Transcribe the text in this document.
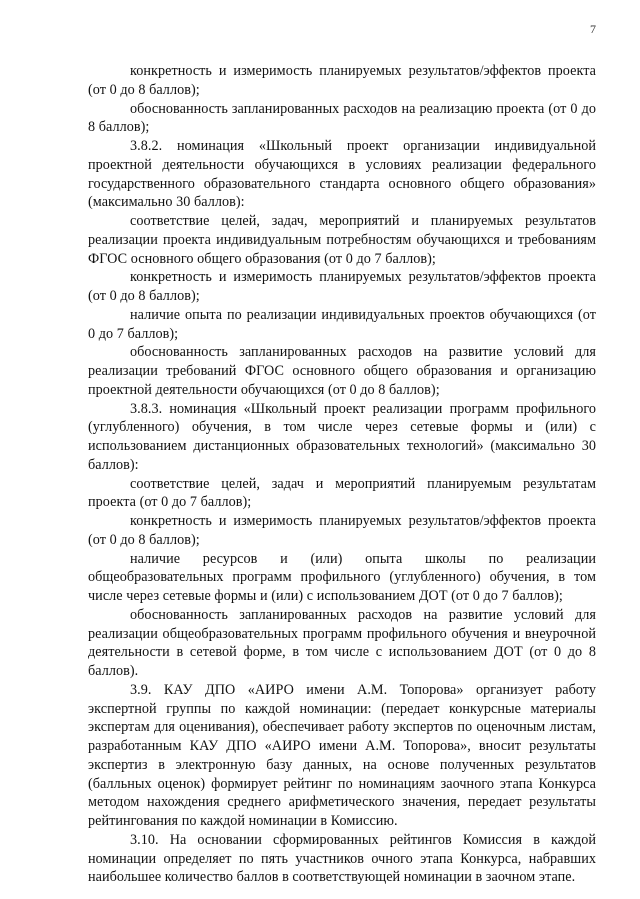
7

конкретность и измеримость планируемых результатов/эффектов проекта (от 0 до 8 баллов);

обоснованность запланированных расходов на реализацию проекта (от 0 до 8 баллов);

3.8.2. номинация «Школьный проект организации индивидуальной проектной деятельности обучающихся в условиях реализации федерального государственного образовательного стандарта основного общего образования» (максимально 30 баллов):

соответствие целей, задач, мероприятий и планируемых результатов реализации проекта индивидуальным потребностям обучающихся и требованиям ФГОС основного общего образования (от 0 до 7 баллов);

конкретность и измеримость планируемых результатов/эффектов проекта (от 0 до 8 баллов);

наличие опыта по реализации индивидуальных проектов обучающихся (от 0 до 7 баллов);

обоснованность запланированных расходов на развитие условий для реализации требований ФГОС основного общего образования и организацию проектной деятельности обучающихся (от 0 до 8 баллов);

3.8.3. номинация «Школьный проект реализации программ профильного (углубленного) обучения, в том числе через сетевые формы и (или) с использованием дистанционных образовательных технологий» (максимально 30 баллов):

соответствие целей, задач и мероприятий планируемым результатам проекта (от 0 до 7 баллов);

конкретность и измеримость планируемых результатов/эффектов проекта (от 0 до 8 баллов);

наличие ресурсов и (или) опыта школы по реализации общеобразовательных программ профильного (углубленного) обучения, в том числе через сетевые формы и (или) с использованием ДОТ (от 0 до 7 баллов);

обоснованность запланированных расходов на развитие условий для реализации общеобразовательных программ профильного обучения и внеурочной деятельности в сетевой форме, в том числе с использованием ДОТ (от 0 до 8 баллов).

3.9. КАУ ДПО «АИРО имени А.М. Топорова» организует работу экспертной группы по каждой номинации: (передает конкурсные материалы экспертам для оценивания), обеспечивает работу экспертов по оценочным листам, разработанным КАУ ДПО «АИРО имени А.М. Топорова», вносит результаты экспертиз в электронную базу данных, на основе полученных результатов (балльных оценок) формирует рейтинг по номинациям заочного этапа Конкурса методом нахождения среднего арифметического значения, передает результаты рейтингования по каждой номинации в Комиссию.

3.10. На основании сформированных рейтингов Комиссия в каждой номинации определяет по пять участников очного этапа Конкурса, набравших наибольшее количество баллов в соответствующей номинации в заочном этапе.
